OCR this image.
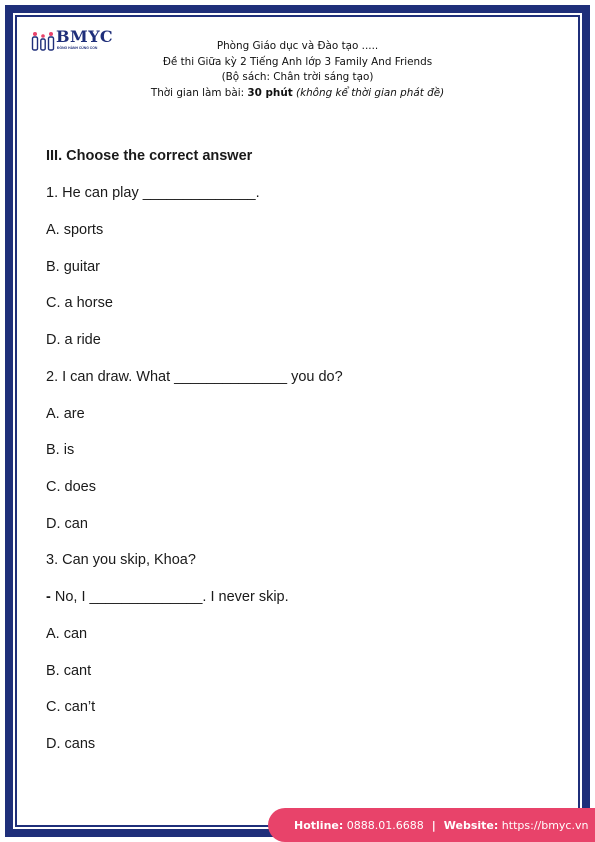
BMYC
ĐỒNG HÀNH CÙNG CON	Phòng Giáo dục và Đào tạo .....
Đề thi Giữa kỳ 2 Tiếng Anh lớp 3 Family And Friends
(Bộ sách: Chân trời sáng tạo)
Thời gian làm bài: 30 phút (không kể thời gian phát đề)
III. Choose the correct answer
1. He can play ______________.
A. sports
B. guitar
C. a horse
D. a ride
2. I can draw. What ______________ you do?
A. are
B. is
C. does
D. can
3. Can you skip, Khoa?
- No, I ______________. I never skip.
A. can
B. cant
C. can’t
D. cans
Hotline:
0888.01.6688 | Website:
https://bmyc.vn
